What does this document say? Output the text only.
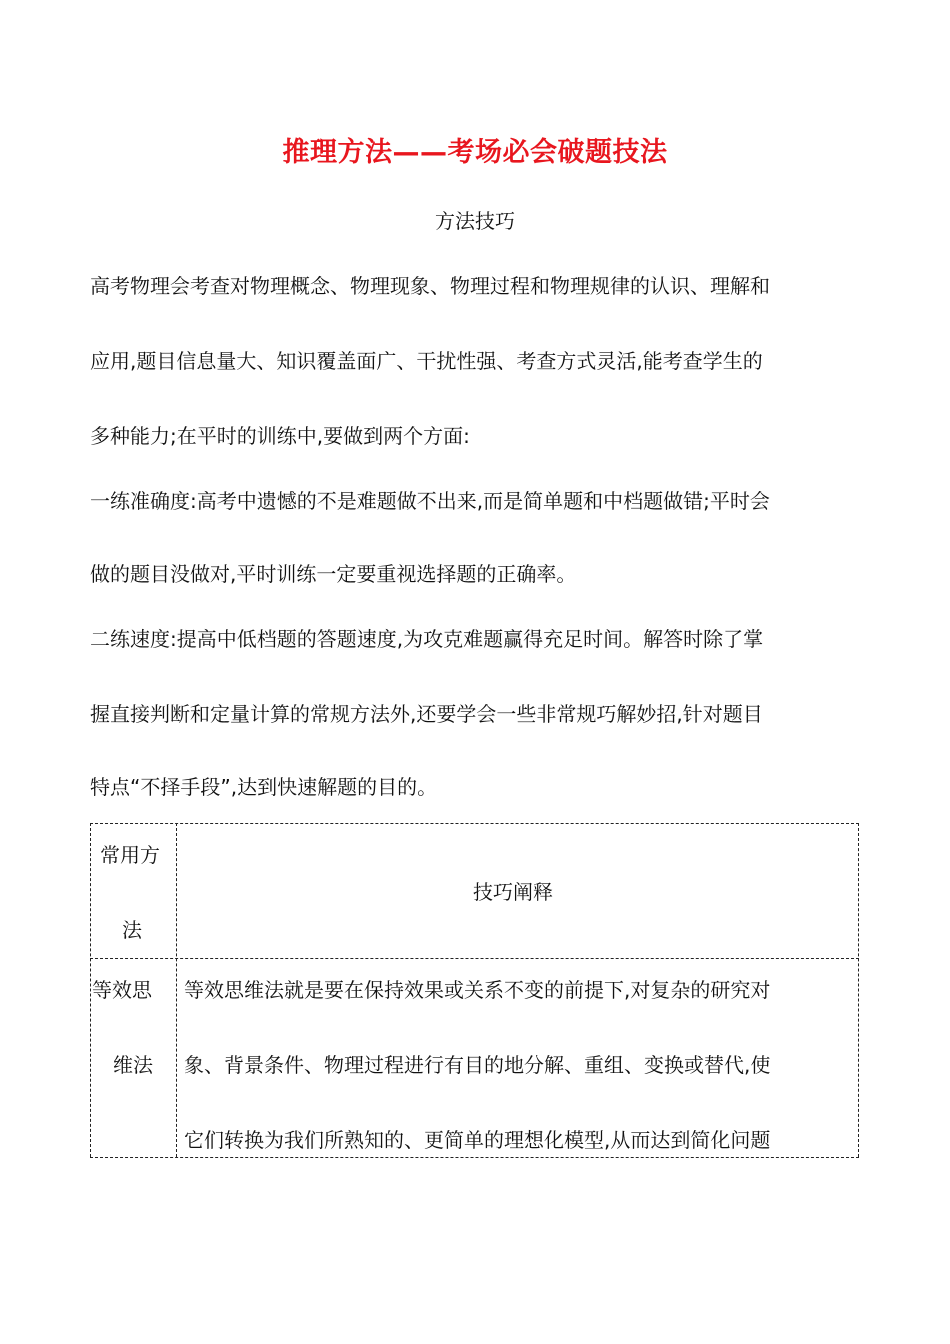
推理方法——考场必会破题技法
方法技巧
高考物理会考查对物理概念、物理现象、物理过程和物理规律的认识、理解和
应用,题目信息量大、知识覆盖面广、干扰性强、考查方式灵活,能考查学生的
多种能力;在平时的训练中,要做到两个方面:
一练准确度:高考中遗憾的不是难题做不出来,而是简单题和中档题做错;平时会
做的题目没做对,平时训练一定要重视选择题的正确率。
二练速度:提高中低档题的答题速度,为攻克难题赢得充足时间。解答时除了掌
握直接判断和定量计算的常规方法外,还要学会一些非常规巧解妙招,针对题目
特点“不择手段”,达到快速解题的目的。
常用方
法
技巧阐释
等效思
维法
等效思维法就是要在保持效果或关系不变的前提下,对复杂的研究对
象、背景条件、物理过程进行有目的地分解、重组、变换或替代,使
它们转换为我们所熟知的、更简单的理想化模型,从而达到简化问题
